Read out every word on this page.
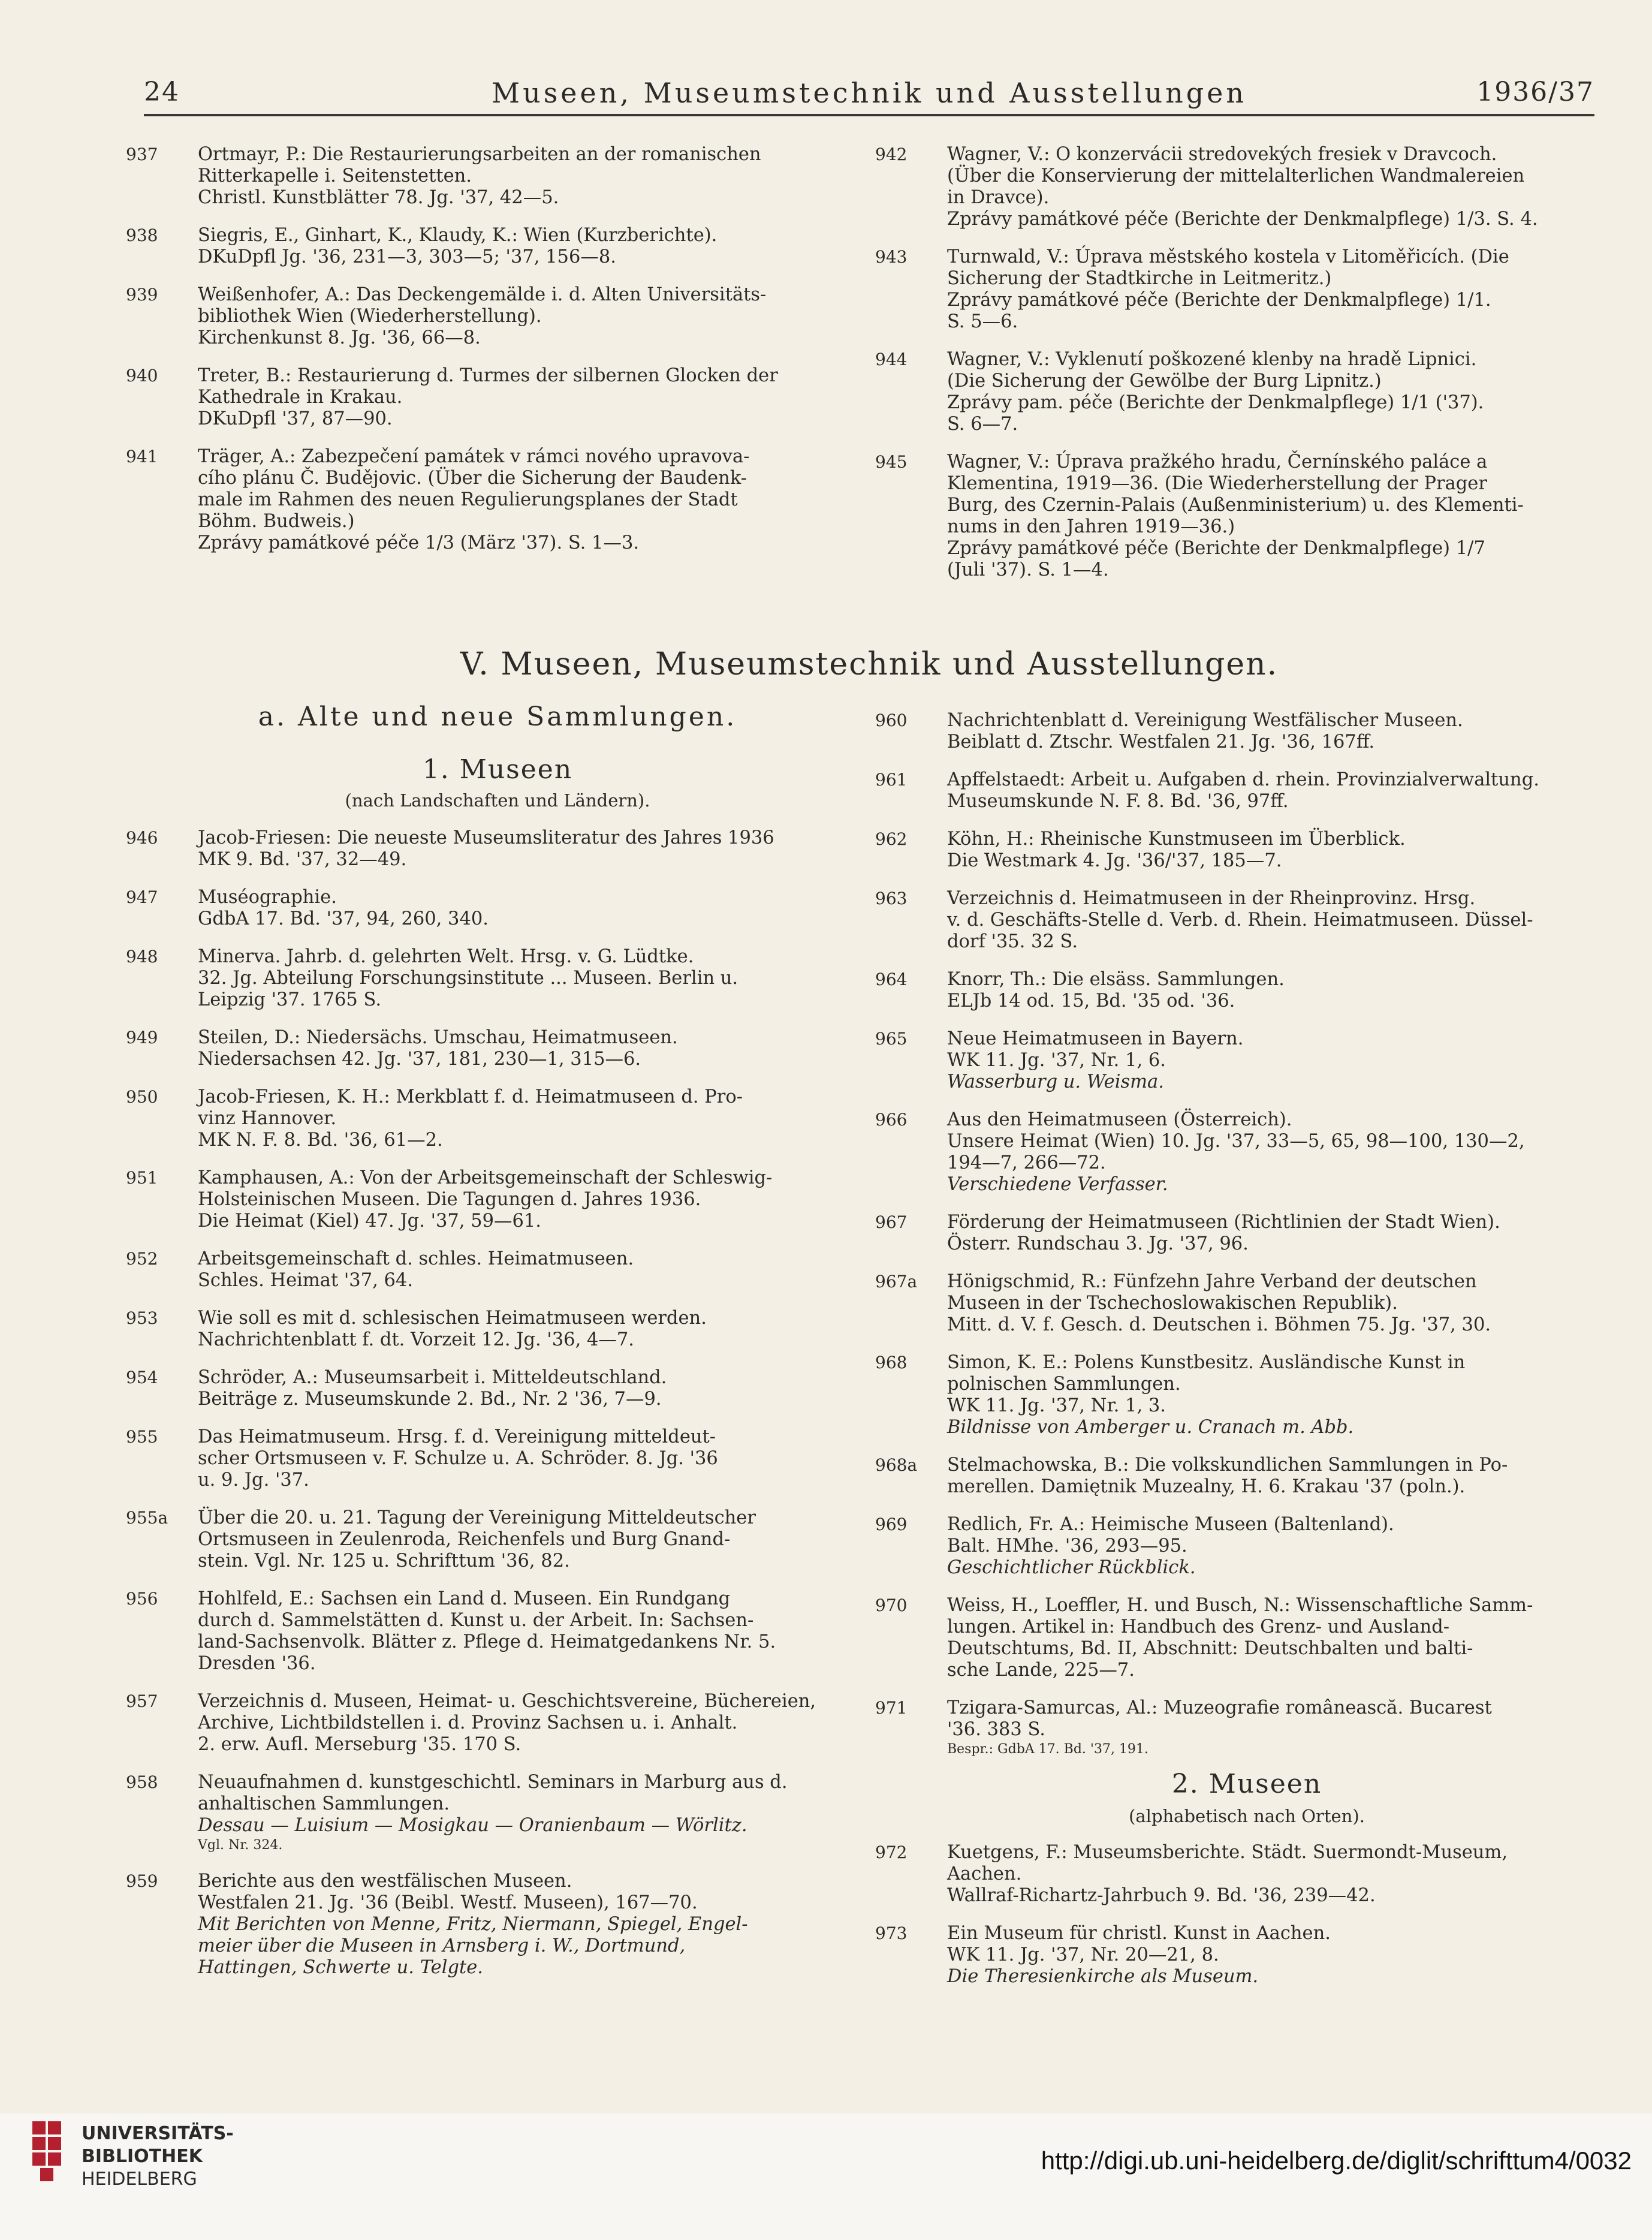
24	Museen, Museumstechnik und Ausstellungen	1936/37
937 Ortmayr, P.: Die Restaurierungsarbeiten an der romanischen
Ritterkapelle i. Seitenstetten.
Christl. Kunstblätter 78. Jg. '37, 42—5.
938 Siegris, E., Ginhart, K., Klaudy, K.: Wien (Kurzberichte).
DKuDpfl Jg. '36, 231—3, 303—5; '37, 156—8.
939 Weißenhofer, A.: Das Deckengemälde i. d. Alten Universitäts-
bibliothek Wien (Wiederherstellung).
Kirchenkunst 8. Jg. '36, 66—8.
940 Treter, B.: Restaurierung d. Turmes der silbernen Glocken der
Kathedrale in Krakau.
DKuDpfl '37, 87—90.
941 Träger, A.: Zabezpečení památek v rámci nového upravova-
cího plánu Č. Budějovic. (Über die Sicherung der Baudenk-
male im Rahmen des neuen Regulierungsplanes der Stadt
Böhm. Budweis.)
Zprávy památkové péče 1/3 (März '37). S. 1—3.
942 Wagner, V.: O konzervácii stredovekých fresiek v Dravcoch.
(Über die Konservierung der mittelalterlichen Wandmalereien
in Dravce).
Zprávy památkové péče (Berichte der Denkmalpflege) 1/3. S. 4.
943 Turnwald, V.: Úprava městského kostela v Litoměřicích. (Die
Sicherung der Stadtkirche in Leitmeritz.)
Zprávy památkové péče (Berichte der Denkmalpflege) 1/1.
S. 5—6.
944 Wagner, V.: Vyklenutí poškozené klenby na hradě Lipnici.
(Die Sicherung der Gewölbe der Burg Lipnitz.)
Zprávy pam. péče (Berichte der Denkmalpflege) 1/1 ('37).
S. 6—7.
945 Wagner, V.: Úprava pražkého hradu, Černínského paláce a
Klementina, 1919—36. (Die Wiederherstellung der Prager
Burg, des Czernin-Palais (Außenministerium) u. des Klementi-
nums in den Jahren 1919—36.)
Zprávy památkové péče (Berichte der Denkmalpflege) 1/7
(Juli '37). S. 1—4.
V. Museen, Museumstechnik und Ausstellungen.
a. Alte und neue Sammlungen.
1. Museen
(nach Landschaften und Ländern).
946 Jacob-Friesen: Die neueste Museumsliteratur des Jahres 1936
MK 9. Bd. '37, 32—49.
947 Muséographie.
GdbA 17. Bd. '37, 94, 260, 340.
948 Minerva. Jahrb. d. gelehrten Welt. Hrsg. v. G. Lüdtke.
32. Jg. Abteilung Forschungsinstitute ... Museen. Berlin u.
Leipzig '37. 1765 S.
949 Steilen, D.: Niedersächs. Umschau, Heimatmuseen.
Niedersachsen 42. Jg. '37, 181, 230—1, 315—6.
950 Jacob-Friesen, K. H.: Merkblatt f. d. Heimatmuseen d. Pro-
vinz Hannover.
MK N. F. 8. Bd. '36, 61—2.
951 Kamphausen, A.: Von der Arbeitsgemeinschaft der Schleswig-
Holsteinischen Museen. Die Tagungen d. Jahres 1936.
Die Heimat (Kiel) 47. Jg. '37, 59—61.
952 Arbeitsgemeinschaft d. schles. Heimatmuseen.
Schles. Heimat '37, 64.
953 Wie soll es mit d. schlesischen Heimatmuseen werden.
Nachrichtenblatt f. dt. Vorzeit 12. Jg. '36, 4—7.
954 Schröder, A.: Museumsarbeit i. Mitteldeutschland.
Beiträge z. Museumskunde 2. Bd., Nr. 2 '36, 7—9.
955 Das Heimatmuseum. Hrsg. f. d. Vereinigung mitteldeut-
scher Ortsmuseen v. F. Schulze u. A. Schröder. 8. Jg. '36
u. 9. Jg. '37.
955a Über die 20. u. 21. Tagung der Vereinigung Mitteldeutscher
Ortsmuseen in Zeulenroda, Reichenfels und Burg Gnand-
stein. Vgl. Nr. 125 u. Schrifttum '36, 82.
956 Hohlfeld, E.: Sachsen ein Land d. Museen. Ein Rundgang
durch d. Sammelstätten d. Kunst u. der Arbeit. In: Sachsen-
land-Sachsenvolk. Blätter z. Pflege d. Heimatgedankens Nr. 5.
Dresden '36.
957 Verzeichnis d. Museen, Heimat- u. Geschichtsvereine, Büchereien,
Archive, Lichtbildstellen i. d. Provinz Sachsen u. i. Anhalt.
2. erw. Aufl. Merseburg '35. 170 S.
958 Neuaufnahmen d. kunstgeschichtl. Seminars in Marburg aus d.
anhaltischen Sammlungen.
Dessau — Luisium — Mosigkau — Oranienbaum — Wörlitz.
Vgl. Nr. 324.
959 Berichte aus den westfälischen Museen.
Westfalen 21. Jg. '36 (Beibl. Westf. Museen), 167—70.
Mit Berichten von Menne, Fritz, Niermann, Spiegel, Engel-
meier über die Museen in Arnsberg i. W., Dortmund,
Hattingen, Schwerte u. Telgte.
960 Nachrichtenblatt d. Vereinigung Westfälischer Museen.
Beiblatt d. Ztschr. Westfalen 21. Jg. '36, 167ff.
961 Apffelstaedt: Arbeit u. Aufgaben d. rhein. Provinzialverwaltung.
Museumskunde N. F. 8. Bd. '36, 97ff.
962 Köhn, H.: Rheinische Kunstmuseen im Überblick.
Die Westmark 4. Jg. '36/'37, 185—7.
963 Verzeichnis d. Heimatmuseen in der Rheinprovinz. Hrsg.
v. d. Geschäfts-Stelle d. Verb. d. Rhein. Heimatmuseen. Düssel-
dorf '35. 32 S.
964 Knorr, Th.: Die elsäss. Sammlungen.
ELJb 14 od. 15, Bd. '35 od. '36.
965 Neue Heimatmuseen in Bayern.
WK 11. Jg. '37, Nr. 1, 6.
Wasserburg u. Weisma.
966 Aus den Heimatmuseen (Österreich).
Unsere Heimat (Wien) 10. Jg. '37, 33—5, 65, 98—100, 130—2,
194—7, 266—72.
Verschiedene Verfasser.
967 Förderung der Heimatmuseen (Richtlinien der Stadt Wien).
Österr. Rundschau 3. Jg. '37, 96.
967a Hönigschmid, R.: Fünfzehn Jahre Verband der deutschen
Museen in der Tschechoslowakischen Republik).
Mitt. d. V. f. Gesch. d. Deutschen i. Böhmen 75. Jg. '37, 30.
968 Simon, K. E.: Polens Kunstbesitz. Ausländische Kunst in
polnischen Sammlungen.
WK 11. Jg. '37, Nr. 1, 3.
Bildnisse von Amberger u. Cranach m. Abb.
968a Stelmachowska, B.: Die volkskundlichen Sammlungen in Po-
merellen. Damiętnik Muzealny, H. 6. Krakau '37 (poln.).
969 Redlich, Fr. A.: Heimische Museen (Baltenland).
Balt. HMhe. '36, 293—95.
Geschichtlicher Rückblick.
970 Weiss, H., Loeffler, H. und Busch, N.: Wissenschaftliche Samm-
lungen. Artikel in: Handbuch des Grenz- und Ausland-
Deutschtums, Bd. II, Abschnitt: Deutschbalten und balti-
sche Lande, 225—7.
971 Tzigara-Samurcas, Al.: Muzeografie românească. Bucarest
'36. 383 S.
Bespr.: GdbA 17. Bd. '37, 191.
2. Museen
(alphabetisch nach Orten).
972 Kuetgens, F.: Museumsberichte. Städt. Suermondt-Museum,
Aachen.
Wallraf-Richartz-Jahrbuch 9. Bd. '36, 239—42.
973 Ein Museum für christl. Kunst in Aachen.
WK 11. Jg. '37, Nr. 20—21, 8.
Die Theresienkirche als Museum.
UNIVERSITÄTS-
BIBLIOTHEK
HEIDELBERG
http://digi.ub.uni-heidelberg.de/diglit/schrifttum4/0032
